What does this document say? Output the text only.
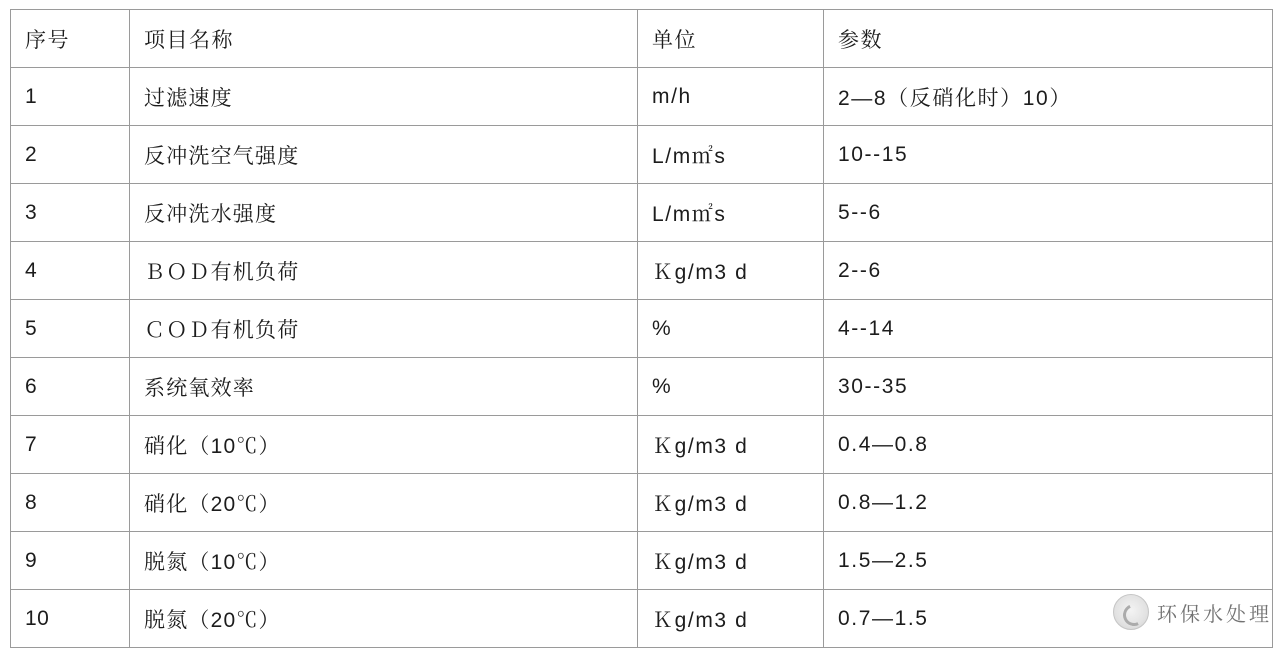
序号	项目名称	单位	参数
1	过滤速度	m/h	2—8（反硝化时）10）
2	反冲洗空气强度	L/m㎡s	10--15
3	反冲洗水强度	L/m㎡s	5--6
4	ＢＯＤ有机负荷	Ｋg/m3 d	2--6
5	ＣＯＤ有机负荷	%	4--14
6	系统氧效率	%	30--35
7	硝化（10℃）	Ｋg/m3 d	0.4—0.8
8	硝化（20℃）	Ｋg/m3 d	0.8—1.2
9	脱氮（10℃）	Ｋg/m3 d	1.5—2.5
10	脱氮（20℃）	Ｋg/m3 d	0.7—1.5	环保水处理
